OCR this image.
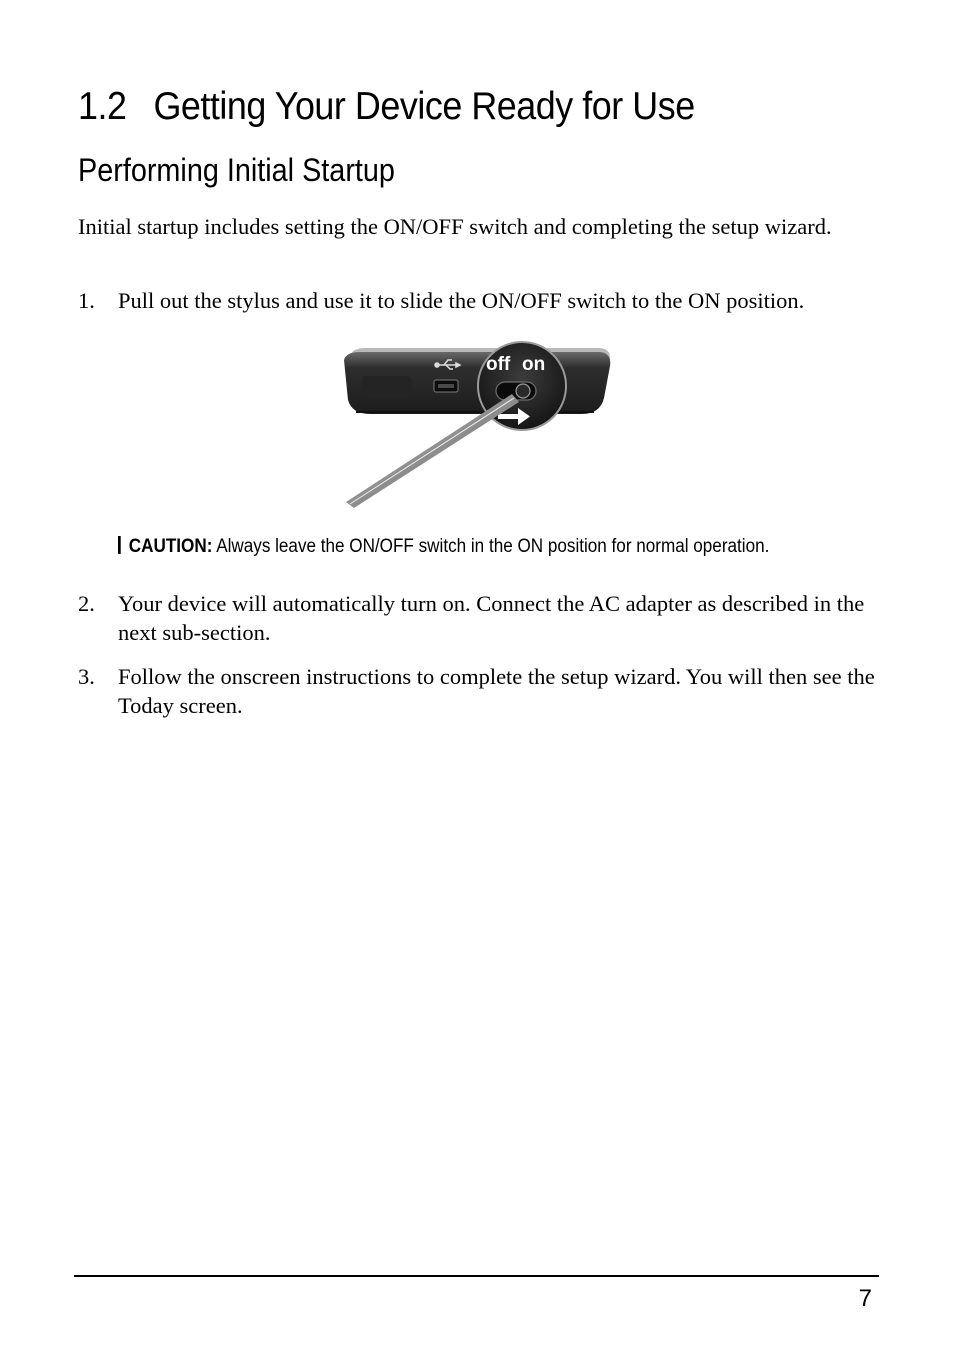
1.2 Getting Your Device Ready for Use
Performing Initial Startup

Initial startup includes setting the ON/OFF switch and completing the setup wizard.

1. Pull out the stylus and use it to slide the ON/OFF switch to the ON position.
off on
CAUTION: Always leave the ON/OFF switch in the ON position for normal operation.
2. Your device will automatically turn on. Connect the AC adapter as described in the next sub-section.
3. Follow the onscreen instructions to complete the setup wizard. You will then see the Today screen.
7
